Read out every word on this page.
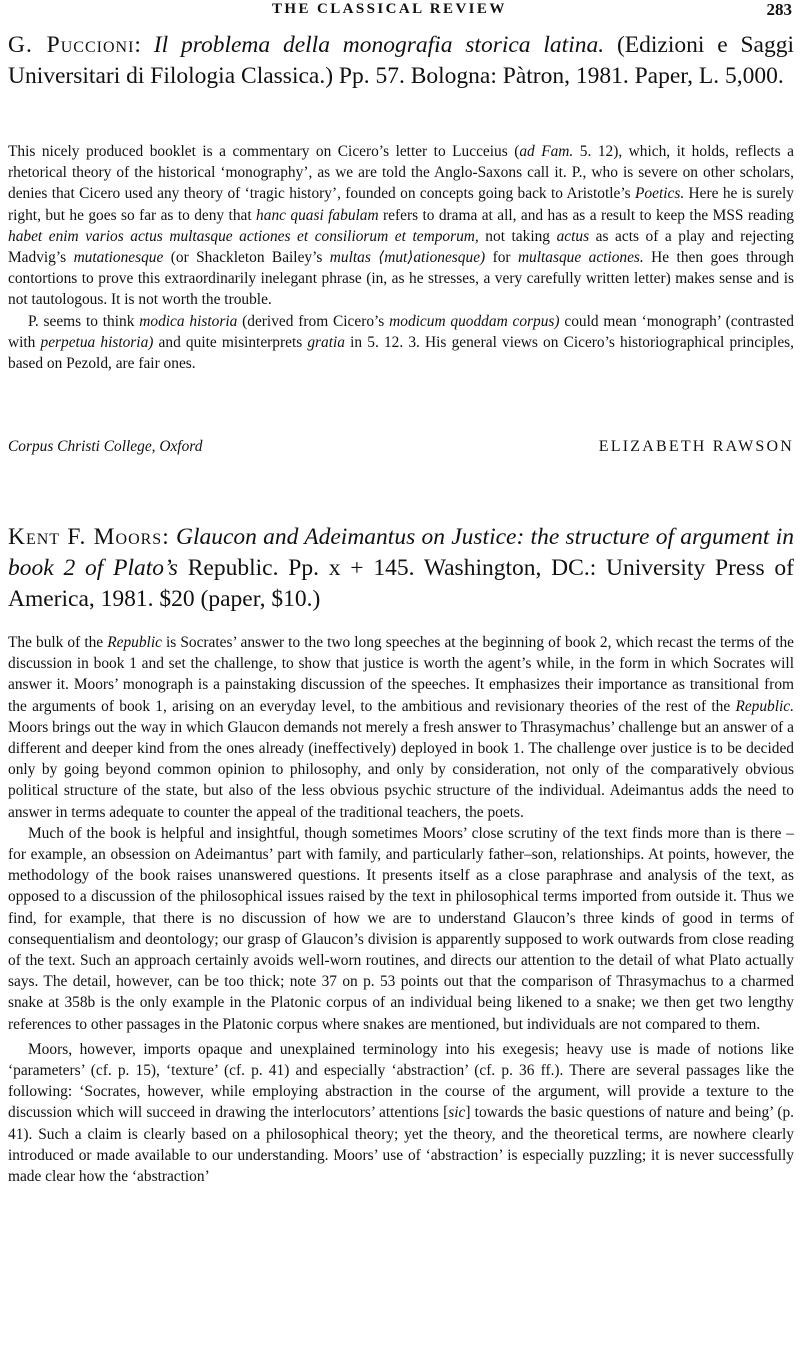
THE CLASSICAL REVIEW	283
G. Puccioni: Il problema della monografia storica latina. (Edizioni e Saggi Universitari di Filologia Classica.) Pp. 57. Bologna: Pàtron, 1981. Paper, L. 5,000.

This nicely produced booklet is a commentary on Cicero’s letter to Lucceius (ad Fam. 5. 12), which, it holds, reflects a rhetorical theory of the historical ‘monography’, as we are told the Anglo-Saxons call it. P., who is severe on other scholars, denies that Cicero used any theory of ‘tragic history’, founded on concepts going back to Aristotle’s Poetics. Here he is surely right, but he goes so far as to deny that hanc quasi fabulam refers to drama at all, and has as a result to keep the MSS reading habet enim varios actus multasque actiones et consiliorum et temporum, not taking actus as acts of a play and rejecting Madvig’s mutationesque (or Shackleton Bailey’s multas ⟨mut⟩ationesque) for multasque actiones. He then goes through contortions to prove this extraordinarily inelegant phrase (in, as he stresses, a very carefully written letter) makes sense and is not tautologous. It is not worth the trouble.

P. seems to think modica historia (derived from Cicero’s modicum quoddam corpus) could mean ‘monograph’ (contrasted with perpetua historia) and quite misinterprets gratia in 5. 12. 3. His general views on Cicero’s historiographical principles, based on Pezold, are fair ones.

Corpus Christi College, Oxford	ELIZABETH RAWSON
Kent F. Moors: Glaucon and Adeimantus on Justice: the structure of argument in book 2 of Plato’s Republic. Pp. x + 145. Washington, DC.: University Press of America, 1981. $20 (paper, $10.)

The bulk of the Republic is Socrates’ answer to the two long speeches at the beginning of book 2, which recast the terms of the discussion in book 1 and set the challenge, to show that justice is worth the agent’s while, in the form in which Socrates will answer it. Moors’ monograph is a painstaking discussion of the speeches. It emphasizes their importance as transitional from the arguments of book 1, arising on an everyday level, to the ambitious and revisionary theories of the rest of the Republic. Moors brings out the way in which Glaucon demands not merely a fresh answer to Thrasymachus’ challenge but an answer of a different and deeper kind from the ones already (ineffectively) deployed in book 1. The challenge over justice is to be decided only by going beyond common opinion to philosophy, and only by consideration, not only of the comparatively obvious political structure of the state, but also of the less obvious psychic structure of the individual. Adeimantus adds the need to answer in terms adequate to counter the appeal of the traditional teachers, the poets.

Much of the book is helpful and insightful, though sometimes Moors’ close scrutiny of the text finds more than is there – for example, an obsession on Adeimantus’ part with family, and particularly father–son, relationships. At points, however, the methodology of the book raises unanswered questions. It presents itself as a close paraphrase and analysis of the text, as opposed to a discussion of the philosophical issues raised by the text in philosophical terms imported from outside it. Thus we find, for example, that there is no discussion of how we are to understand Glaucon’s three kinds of good in terms of consequentialism and deontology; our grasp of Glaucon’s division is apparently supposed to work outwards from close reading of the text. Such an approach certainly avoids well-worn routines, and directs our attention to the detail of what Plato actually says. The detail, however, can be too thick; note 37 on p. 53 points out that the comparison of Thrasymachus to a charmed snake at 358b is the only example in the Platonic corpus of an individual being likened to a snake; we then get two lengthy references to other passages in the Platonic corpus where snakes are mentioned, but individuals are not compared to them.

Moors, however, imports opaque and unexplained terminology into his exegesis; heavy use is made of notions like ‘parameters’ (cf. p. 15), ‘texture’ (cf. p. 41) and especially ‘abstraction’ (cf. p. 36 ff.). There are several passages like the following: ‘Socrates, however, while employing abstraction in the course of the argument, will provide a texture to the discussion which will succeed in drawing the interlocutors’ attentions [sic] towards the basic questions of nature and being’ (p. 41). Such a claim is clearly based on a philosophical theory; yet the theory, and the theoretical terms, are nowhere clearly introduced or made available to our understanding. Moors’ use of ‘abstraction’ is especially puzzling; it is never successfully made clear how the ‘abstraction’
